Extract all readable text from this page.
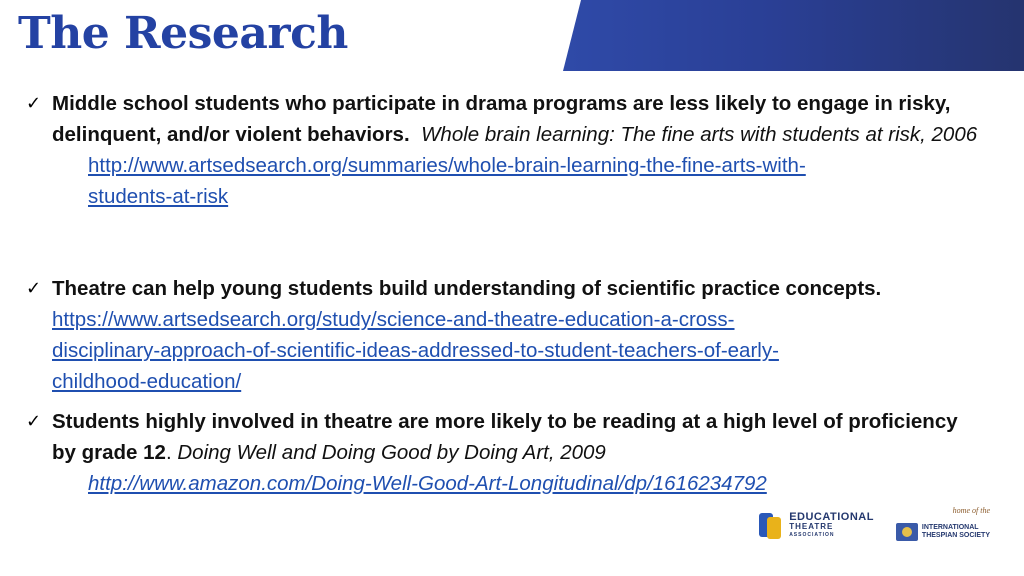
The Research
✓ Middle school students who participate in drama programs are less likely to engage in risky, delinquent, and/or violent behaviors. Whole brain learning: The fine arts with students at risk, 2006
http://www.artsedsearch.org/summaries/whole-brain-learning-the-fine-arts-with-
students-at-risk
✓ Theatre can help young students build understanding of scientific practice concepts.
https://www.artsedsearch.org/study/science-and-theatre-education-a-cross-
disciplinary-approach-of-scientific-ideas-addressed-to-student-teachers-of-early-
childhood-education/
✓ Students highly involved in theatre are more likely to be reading at a high level of proficiency by grade 12. Doing Well and Doing Good by Doing Art, 2009
http://www.amazon.com/Doing-Well-Good-Art-Longitudinal/dp/1616234792
EDUCATIONAL
THEATRE
ASSOCIATION
home of the
INTERNATIONAL
THESPIAN SOCIETY
